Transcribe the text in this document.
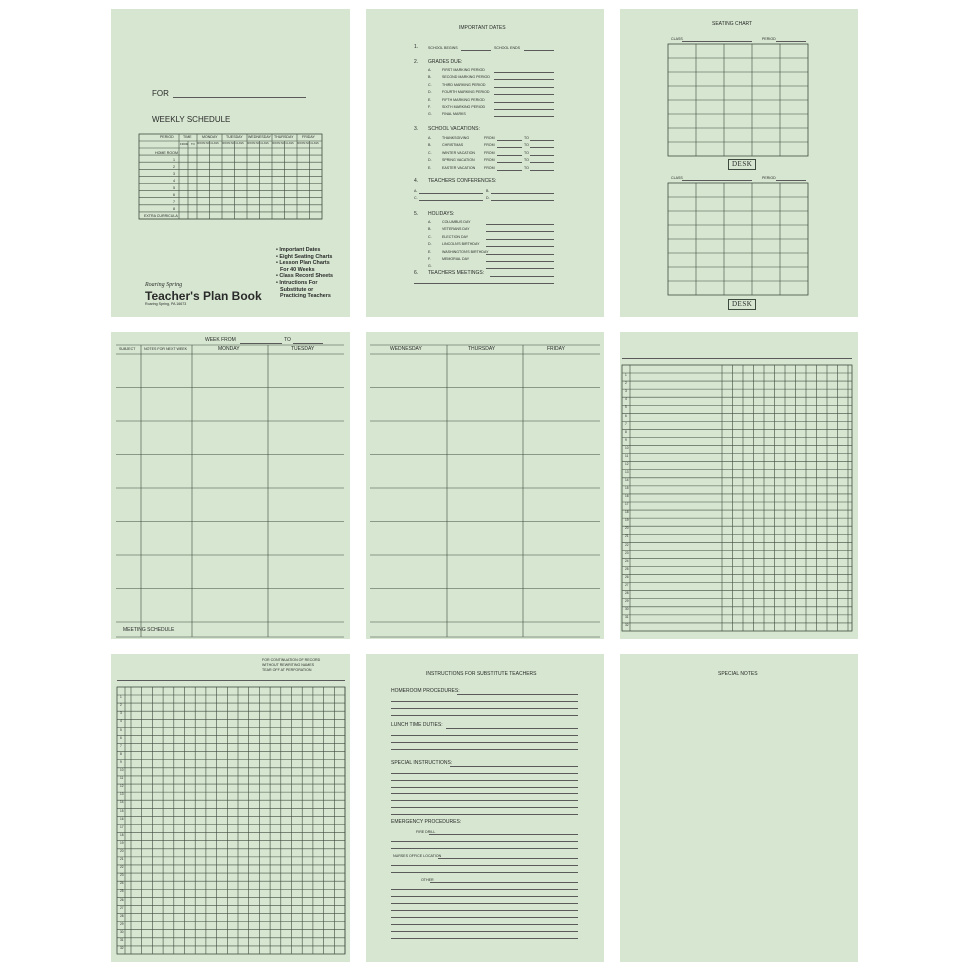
FOR
WEEKLY SCHEDULE
PERIOD	TIME	MONDAY TUESDAY WEDNESDAY THURSDAY FRIDAY
FROM TO
HOME ROOM
1
2
3
4
5
6
7
8
EXTRA CURRICULA
• Important Dates
• Eight Seating Charts
• Lesson Plan Charts
For 40 Weeks
• Class Record Sheets
• Intructions For
Substitute or
Practicing Teachers
Roaring Spring
Teacher's Plan Book
Roaring Spring, PA 16673
ROOM NO. CLASS ROOM NO. CLASS ROOM NO. CLASS ROOM NO. CLASS ROOM NO. CLASS
IMPORTANT DATES
1.	SCHOOL BEGINS	SCHOOL ENDS
2. GRADES DUE:
3. SCHOOL VACATIONS:
4. TEACHERS CONFERENCES:
A.	B.
C.	D.
5. HOLIDAYS:
6. TEACHERS MEETINGS:
A.	FIRST MARKING PERIOD
B.	SECOND MARKING PERIOD
C.	THIRD MARKING PERIOD
D.	FOURTH MARKING PERIOD
E.	FIFTH MARKING PERIOD
F.	SIXTH MARKING PERIOD
G.	FINAL MARKS
A.	THANKSGIVING	FROM	TO
B.	CHRISTMAS	FROM	TO
C.	WINTER VACATION FROM	TO
D.	SPRING VACATION	FROM	TO
E.	EASTER VACATION FROM	TO
A.	COLUMBUS DAY
B.	VETERANS DAY
C.	ELECTION DAY
D.	LINCOLN'S BIRTHDAY
E.	WASHINGTON'S BIRTHDAY
F.	MEMORIAL DAY
G.
SEATING CHART
CLASS	PERIOD
DESK
CLASS	PERIOD
DESK
WEEK FROM	TO
SUBJECT NOTES FOR NEXT WEEK	MONDAY	TUESDAY
MEETING SCHEDULE
WEDNESDAY	THURSDAY	FRIDAY
1
2
3
4
5
6
7
8
9
10
11
12
13
14
15
16
17
18
19
20
21
22
23
24
25
26
27
28
29
30
31
32
FOR CONTINUATION OF RECORD
WITHOUT REWRITING NAMES
TEAR OFF AT PERFORATION
1
2
3
4
5
6
7
8
9
10
11
12
13
14
15
16
17
18
19
20
21
22
23
24
25
26
27
28
29
30
31
32
INSTRUCTIONS FOR SUBSTITUTE TEACHERS
HOMEROOM PROCEDURES:
LUNCH TIME DUTIES:
SPECIAL INSTRUCTIONS:
EMERGENCY PROCEDURES:
FIRE DRILL
NURSES OFFICE LOCATION
OTHER
SPECIAL NOTES
